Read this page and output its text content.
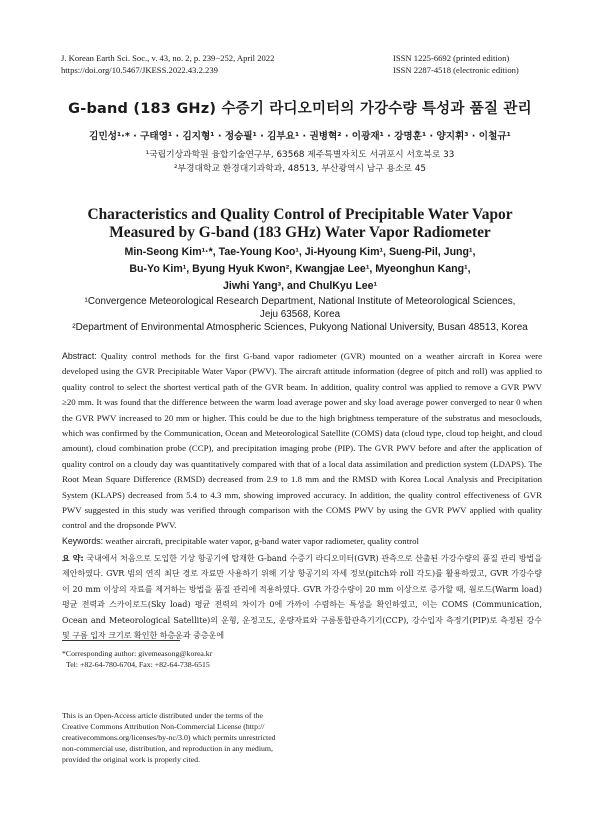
J. Korean Earth Sci. Soc., v. 43, no. 2, p. 239−252, April 2022	ISSN 1225-6692 (printed edition)
https://doi.org/10.5467/JKESS.2022.43.2.239	ISSN 2287-4518 (electronic edition)
G-band (183 GHz) 수증기 라디오미터의 가강수량 특성과 품질 관리
김민성¹·* · 구태영¹ · 김지형¹ · 정승필¹ · 김부요¹ · 권병혁² · 이광재¹ · 강명훈¹ · 양지휘³ · 이철규¹
¹국립기상과학원 융합기술연구부, 63568 제주특별자치도 서귀포시 서호북로 33
²부경대학교 환경대기과학과, 48513, 부산광역시 남구 용소로 45
Characteristics and Quality Control of Precipitable Water Vapor
Measured by G-band (183 GHz) Water Vapor Radiometer
Min-Seong Kim¹·*, Tae-Young Koo¹, Ji-Hyoung Kim¹, Sueng-Pil, Jung¹,
Bu-Yo Kim¹, Byung Hyuk Kwon², Kwangjae Lee¹, Myeonghun Kang¹,
Jiwhi Yang³, and ChulKyu Lee¹
¹Convergence Meteorological Research Department, National Institute of Meteorological Sciences,
Jeju 63568, Korea
²Department of Environmental Atmospheric Sciences, Pukyong National University, Busan 48513, Korea
Abstract: Quality control methods for the first G-band vapor radiometer (GVR) mounted on a weather aircraft in Korea were developed using the GVR Precipitable Water Vapor (PWV). The aircraft attitude information (degree of pitch and roll) was applied to quality control to select the shortest vertical path of the GVR beam. In addition, quality control was applied to remove a GVR PWV ≥20 mm. It was found that the difference between the warm load average power and sky load average power converged to near 0 when the GVR PWV increased to 20 mm or higher. This could be due to the high brightness temperature of the substratus and mesoclouds, which was confirmed by the Communication, Ocean and Meteorological Satellite (COMS) data (cloud type, cloud top height, and cloud amount), cloud combination probe (CCP), and precipitation imaging probe (PIP). The GVR PWV before and after the application of quality control on a cloudy day was quantitatively compared with that of a local data assimilation and prediction system (LDAPS). The Root Mean Square Difference (RMSD) decreased from 2.9 to 1.8 mm and the RMSD with Korea Local Analysis and Precipitation System (KLAPS) decreased from 5.4 to 4.3 mm, showing improved accuracy. In addition, the quality control effectiveness of GVR PWV suggested in this study was verified through comparison with the COMS PWV by using the GVR PWV applied with quality control and the dropsonde PWV.
Keywords: weather aircraft, precipitable water vapor, g-band water vapor radiometer, quality control
요 약: 국내에서 처음으로 도입한 기상 항공기에 탑재한 G-band 수증기 라디오미터(GVR) 관측으로 산출된 가강수량의 품질 관리 방법을 제안하였다. GVR 빔의 연직 최단 경로 자료만 사용하기 위해 기상 항공기의 자세 정보(pitch와 roll 각도)를 활용하였고, GVR 가강수량이 20 mm 이상의 자료를 제거하는 방법을 품질 관리에 적용하였다. GVR 가강수량이 20 mm 이상으로 증가할 때, 웜로드(Warm load) 평균 전력과 스카이로드(Sky load) 평균 전력의 차이가 0에 가까이 수렴하는 특성을 확인하였고, 이는 COMS (Communication, Ocean and Meteorological Satellite)의 운형, 운정고도, 운량자료와 구름통합관측기기(CCP), 강수입자 측정기(PIP)로 측정된 강수 및 구름 입자 크기로 확인한 하층운과 중층운에
*Corresponding author: givemeasong@korea.kr
Tel: +82-64-780-6704, Fax: +82-64-738-6515
This is an Open-Access article distributed under the terms of the
Creative Commons Attribution Non-Commercial License (http://
creativecommons.org/licenses/by-nc/3.0) which permits unrestricted
non-commercial use, distribution, and reproduction in any medium,
provided the original work is properly cited.
